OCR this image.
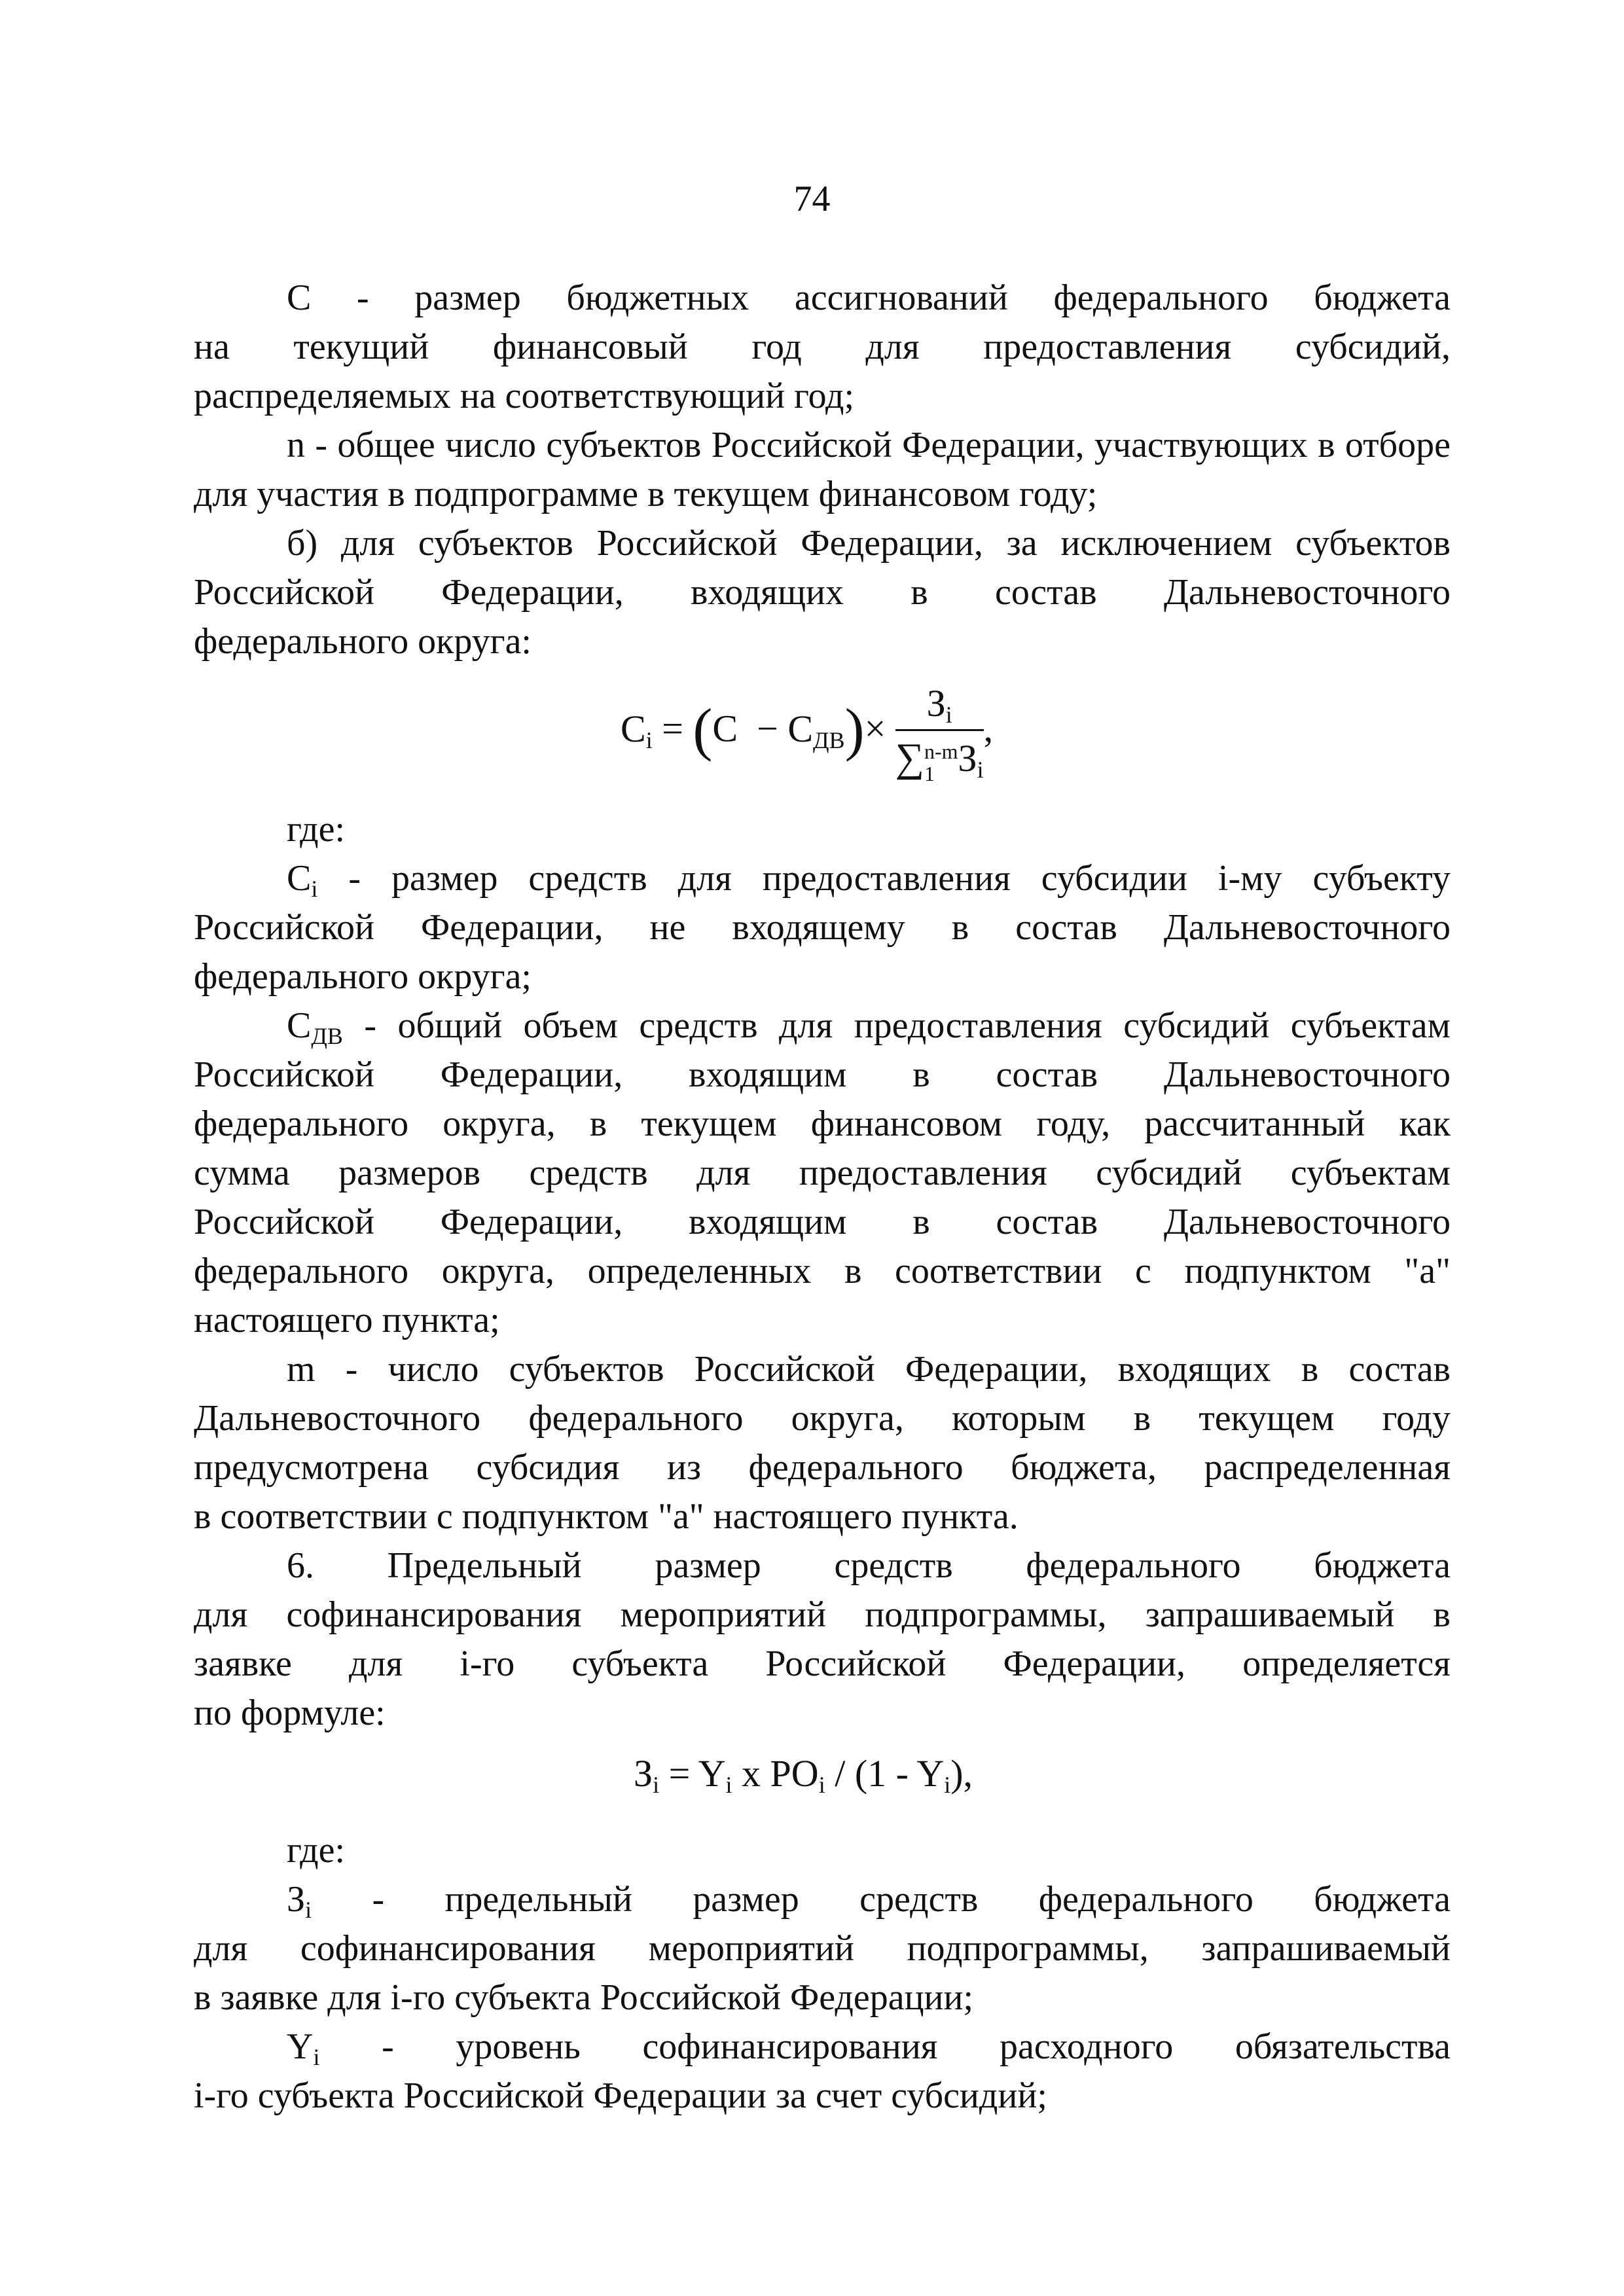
74

С - размер бюджетных ассигнований федерального бюджета
на текущий финансовый год для предоставления субсидий,
распределяемых на соответствующий год;

n - общее число субъектов Российской Федерации, участвующих в отборе для участия в подпрограмме в текущем финансовом году;

б) для субъектов Российской Федерации, за исключением субъектов
Российской Федерации, входящих в состав Дальневосточного
федерального округа:

$C_i = (C - C_{ДВ})\times З_i$
∑ n-m
1 $З_i$ ,

где:

$C_i$ - размер средств для предоставления субсидии i-му субъекту
Российской Федерации, не входящему в состав Дальневосточного
федерального округа;

$C_{ДВ}$ - общий объем средств для предоставления субсидий субъектам
Российской Федерации, входящим в состав Дальневосточного
федерального округа, в текущем финансовом году, рассчитанный как
сумма размеров средств для предоставления субсидий субъектам
Российской Федерации, входящим в состав Дальневосточного
федерального округа, определенных в соответствии с подпунктом "а"
настоящего пункта;

m - число субъектов Российской Федерации, входящих в состав
Дальневосточного федерального округа, которым в текущем году
предусмотрена субсидия из федерального бюджета, распределенная
в соответствии с подпунктом "а" настоящего пункта.

6. Предельный размер средств федерального бюджета
для софинансирования мероприятий подпрограммы, запрашиваемый в
заявке для i-го субъекта Российской Федерации, определяется
по формуле:

$З_i = Y_i$ x $PO_i / (1 - Y_i)$,

где:

$З_i$ - предельный размер средств федерального бюджета
для софинансирования мероприятий подпрограммы, запрашиваемый
в заявке для i-го субъекта Российской Федерации;

$Y_i$ - уровень софинансирования расходного обязательства
i-го субъекта Российской Федерации за счет субсидий;
